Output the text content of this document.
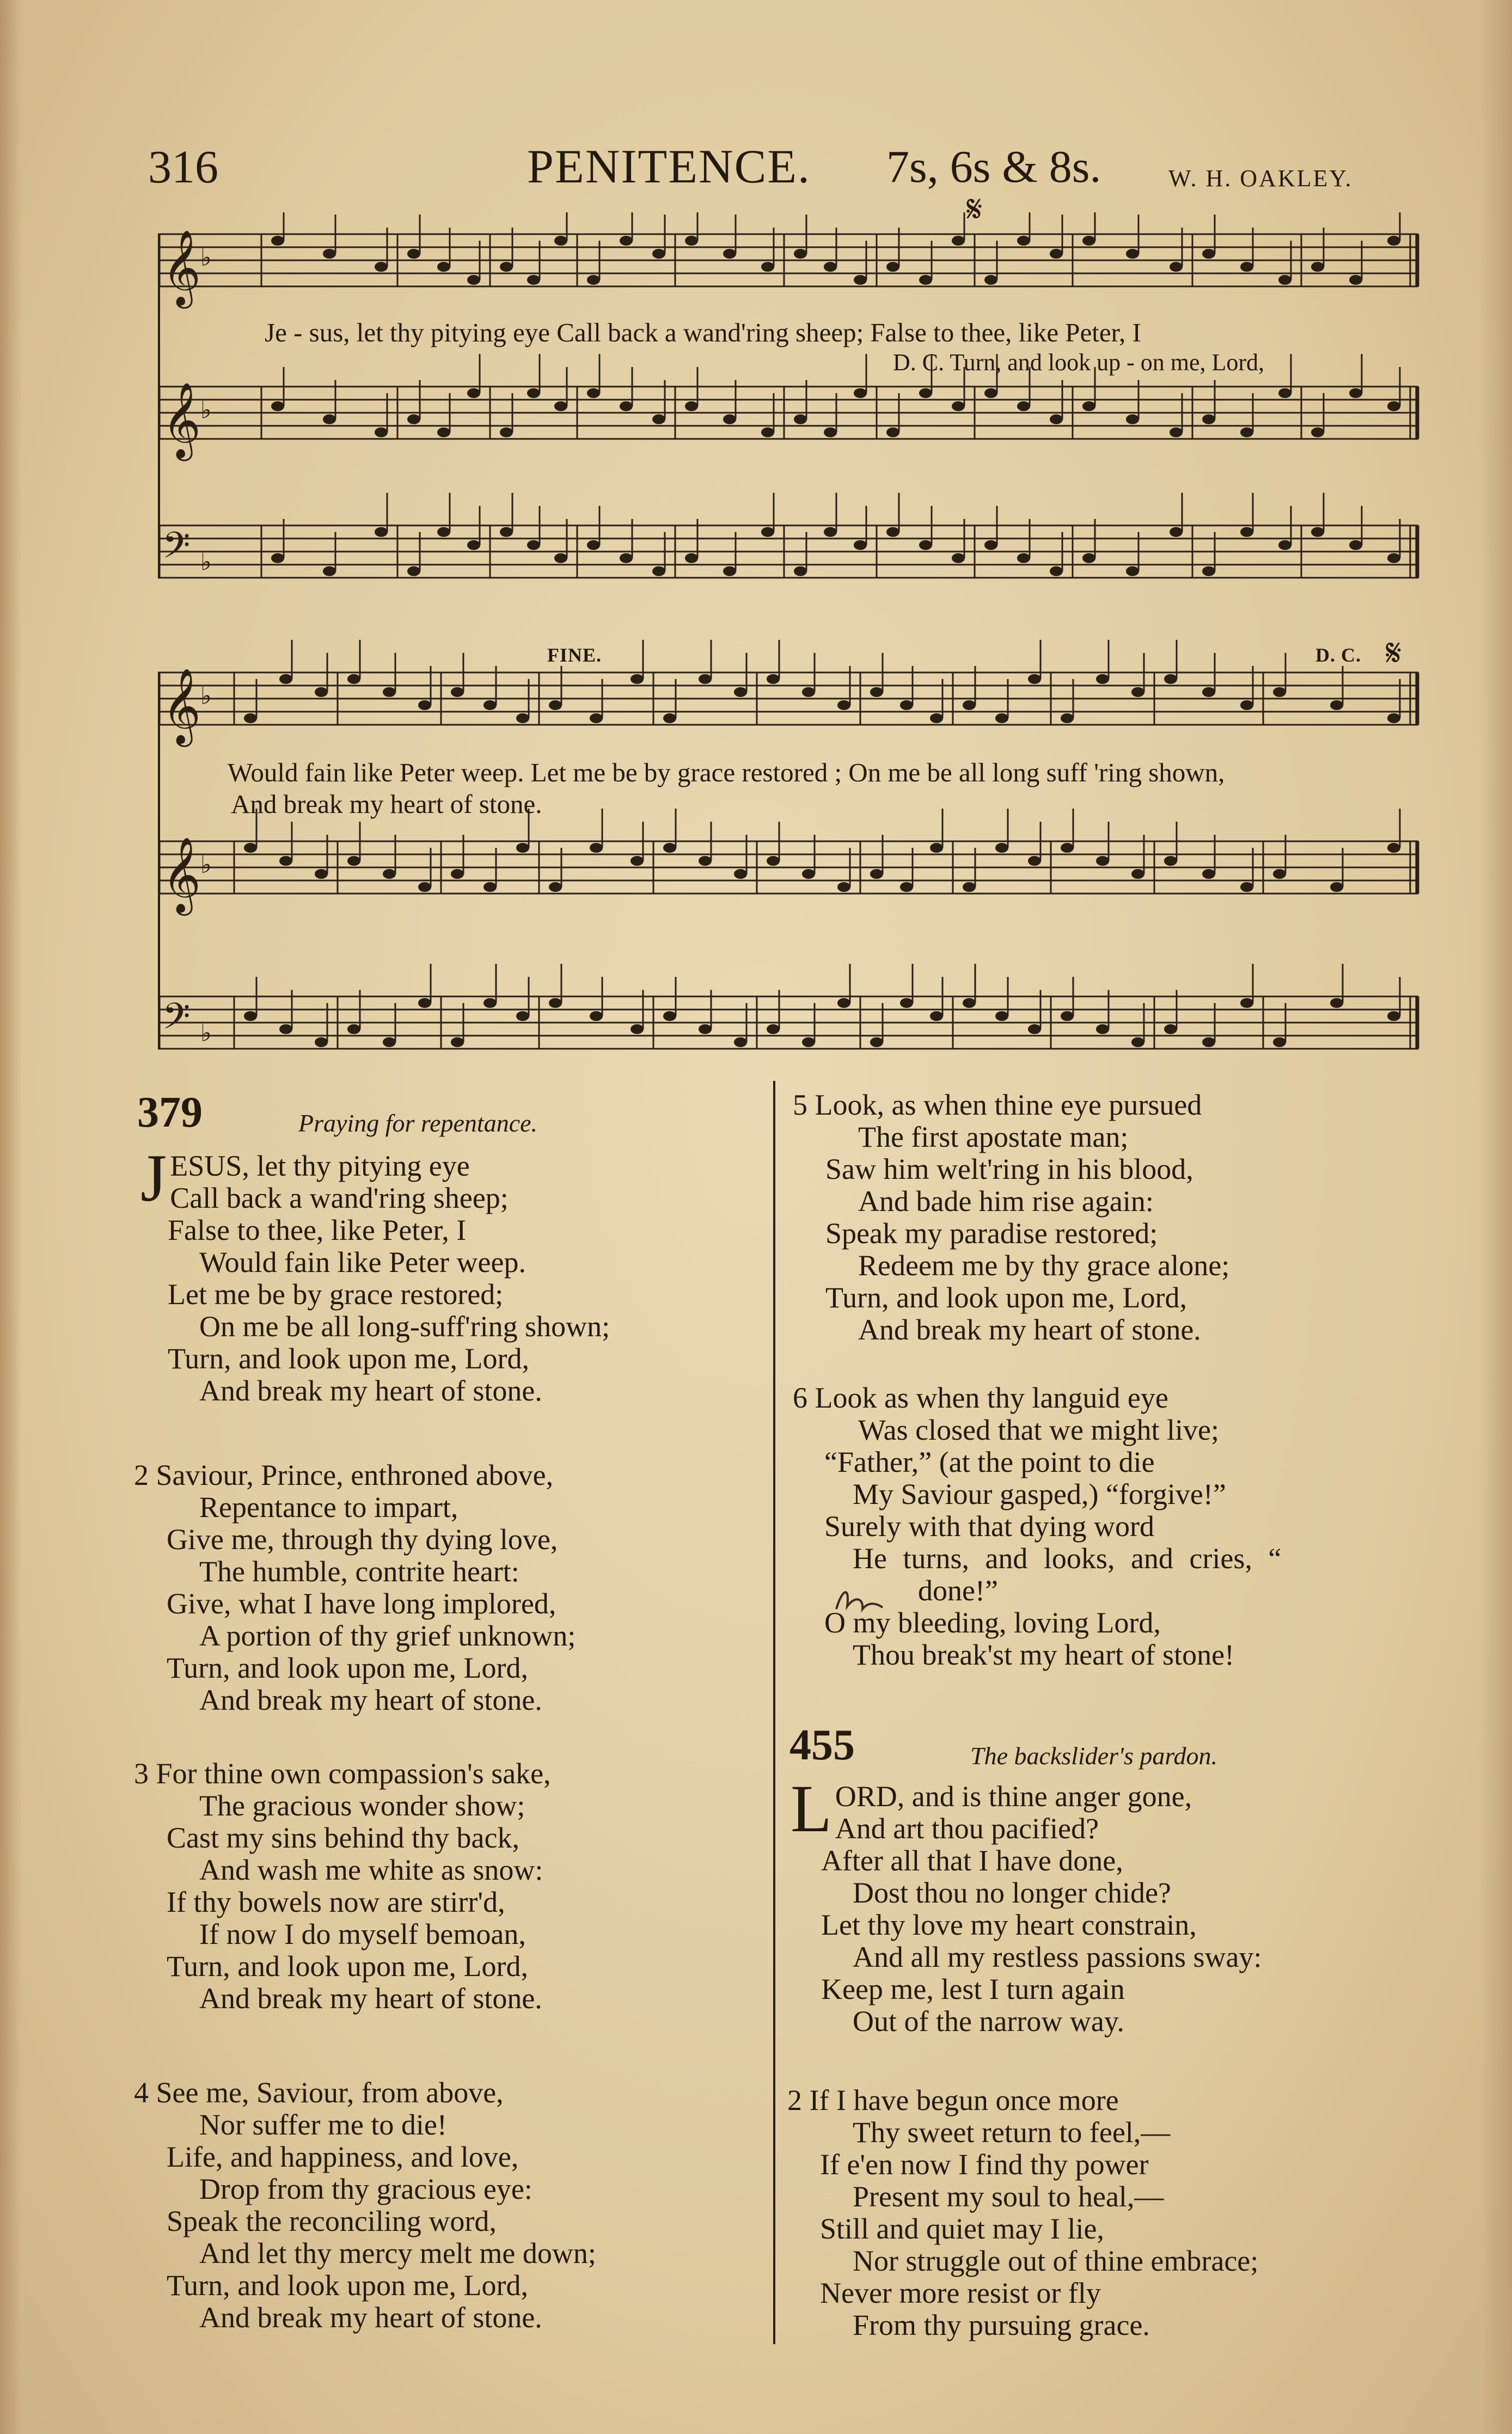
316	PENITENCE. 7s, 6s & 8s.	W. H. OAKLEY.
𝄞 ♭
𝄞 ♭
𝄢 ♭
𝄞 ♭
𝄞 ♭
𝄢 ♭
Je - sus, let thy pitying eye Call back a wand'ring sheep; False to thee, like Peter, I
D. C. Turn, and look up - on me, Lord,
FINE.	D. C. 𝄋
𝄋
Would fain like Peter weep. Let me be by grace restored ; On me be all long suff 'ring shown,
And break my heart of stone.
379	Praying for repentance.
J ESUS, let thy pitying eye
Call back a wand'ring sheep;
False to thee, like Peter, I
Would fain like Peter weep.
Let me be by grace restored;
On me be all long-suff'ring shown;
Turn, and look upon me, Lord,
And break my heart of stone.
2 Saviour, Prince, enthroned above,
Repentance to impart,
Give me, through thy dying love,
The humble, contrite heart:
Give, what I have long implored,
A portion of thy grief unknown;
Turn, and look upon me, Lord,
And break my heart of stone.
3 For thine own compassion's sake,
The gracious wonder show;
Cast my sins behind thy back,
And wash me white as snow:
If thy bowels now are stirr'd,
If now I do myself bemoan,
Turn, and look upon me, Lord,
And break my heart of stone.
4 See me, Saviour, from above,
Nor suffer me to die!
Life, and happiness, and love,
Drop from thy gracious eye:
Speak the reconciling word,
And let thy mercy melt me down;
Turn, and look upon me, Lord,
And break my heart of stone.
5 Look, as when thine eye pursued
The first apostate man;
Saw him welt'ring in his blood,
And bade him rise again:
Speak my paradise restored;
Redeem me by thy grace alone;
Turn, and look upon me, Lord,
And break my heart of stone.
6 Look as when thy languid eye
Was closed that we might live;
“Father,” (at the point to die
My Saviour gasped,) “forgive!”
Surely with that dying word
He turns, and looks, and cries, “
done!”
O my bleeding, loving Lord,
Thou break'st my heart of stone!
455	The backslider's pardon.
L ORD, and is thine anger gone,
And art thou pacified?
After all that I have done,
Dost thou no longer chide?
Let thy love my heart constrain,
And all my restless passions sway:
Keep me, lest I turn again
Out of the narrow way.
2 If I have begun once more
Thy sweet return to feel,—
If e'en now I find thy power
Present my soul to heal,—
Still and quiet may I lie,
Nor struggle out of thine embrace;
Never more resist or fly
From thy pursuing grace.
